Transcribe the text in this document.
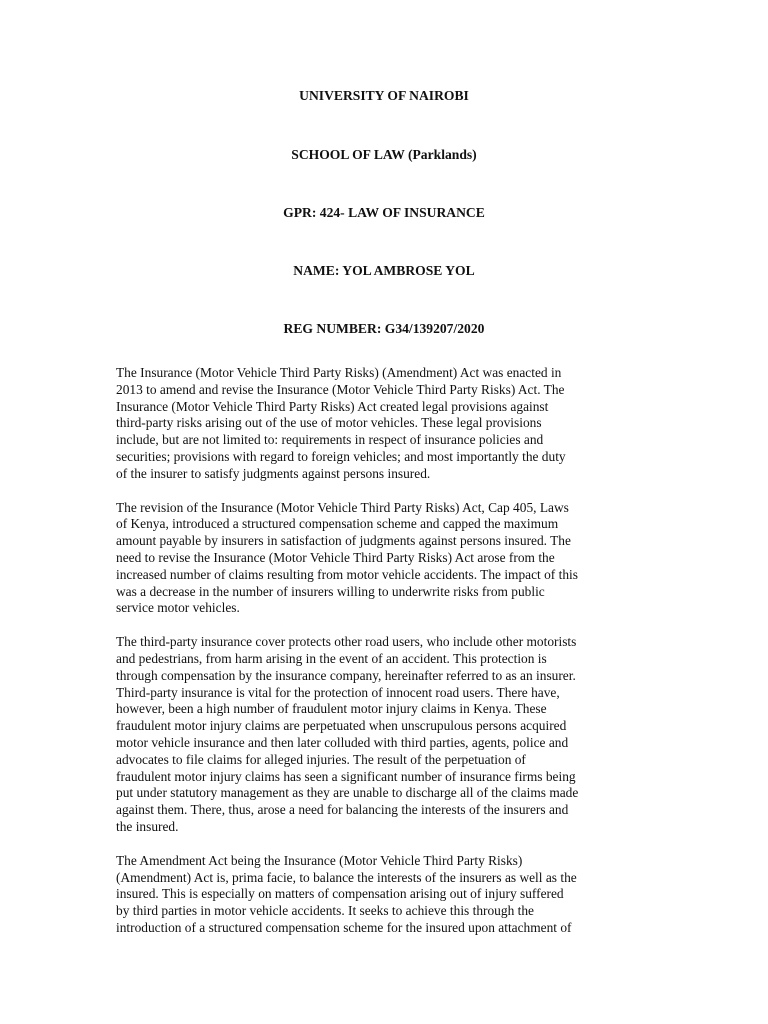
UNIVERSITY OF NAIROBI
SCHOOL OF LAW (Parklands)
GPR: 424- LAW OF INSURANCE
NAME: YOL AMBROSE YOL
REG NUMBER: G34/139207/2020

The Insurance (Motor Vehicle Third Party Risks) (Amendment) Act was enacted in
2013 to amend and revise the Insurance (Motor Vehicle Third Party Risks) Act. The
Insurance (Motor Vehicle Third Party Risks) Act created legal provisions against
third-party risks arising out of the use of motor vehicles. These legal provisions
include, but are not limited to: requirements in respect of insurance policies and
securities; provisions with regard to foreign vehicles; and most importantly the duty
of the insurer to satisfy judgments against persons insured.

The revision of the Insurance (Motor Vehicle Third Party Risks) Act, Cap 405, Laws
of Kenya, introduced a structured compensation scheme and capped the maximum
amount payable by insurers in satisfaction of judgments against persons insured. The
need to revise the Insurance (Motor Vehicle Third Party Risks) Act arose from the
increased number of claims resulting from motor vehicle accidents. The impact of this
was a decrease in the number of insurers willing to underwrite risks from public
service motor vehicles.

The third-party insurance cover protects other road users, who include other motorists
and pedestrians, from harm arising in the event of an accident. This protection is
through compensation by the insurance company, hereinafter referred to as an insurer.
Third-party insurance is vital for the protection of innocent road users. There have,
however, been a high number of fraudulent motor injury claims in Kenya. These
fraudulent motor injury claims are perpetuated when unscrupulous persons acquired
motor vehicle insurance and then later colluded with third parties, agents, police and
advocates to file claims for alleged injuries. The result of the perpetuation of
fraudulent motor injury claims has seen a significant number of insurance firms being
put under statutory management as they are unable to discharge all of the claims made
against them. There, thus, arose a need for balancing the interests of the insurers and
the insured.

The Amendment Act being the Insurance (Motor Vehicle Third Party Risks)
(Amendment) Act is, prima facie, to balance the interests of the insurers as well as the
insured. This is especially on matters of compensation arising out of injury suffered
by third parties in motor vehicle accidents. It seeks to achieve this through the
introduction of a structured compensation scheme for the insured upon attachment of
